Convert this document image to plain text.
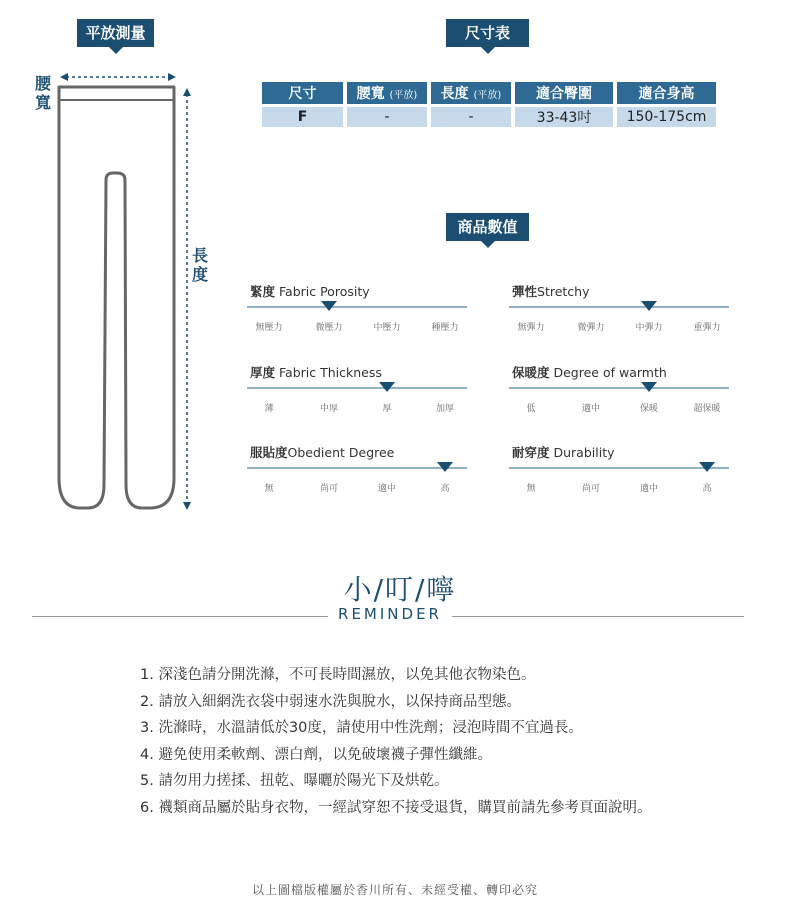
平放測量	尺寸表
商品數值
腰寬
長度
尺寸	腰寬 (平放)	長度 (平放)	適合臀圍	適合身高
F	-	-	33-43吋	150-175cm
緊度 Fabric Porosity
無壓力	微壓力	中壓力	種壓力
彈性Stretchy
無彈力	微彈力	中彈力	重彈力
厚度 Fabric Thickness
薄	中厚	厚	加厚
保暖度 Degree of warmth
低	適中	保暖	超保暖
服貼度Obedient Degree
無	尚可	適中	高
耐穿度 Durability
無	尚可	適中	高
小/叮/嚀
REMINDER
1. 深淺色請分開洗滌，不可長時間濕放，以免其他衣物染色。
2. 請放入細網洗衣袋中弱速水洗與脫水，以保持商品型態。
3. 洗滌時，水溫請低於30度，請使用中性洗劑；浸泡時間不宜過長。
4. 避免使用柔軟劑、漂白劑，以免破壞襪子彈性纖維。
5. 請勿用力搓揉、扭乾、曝曬於陽光下及烘乾。
6. 襪類商品屬於貼身衣物，一經試穿恕不接受退貨，購買前請先參考頁面說明。
以上圖檔版權屬於香川所有、未經受權、轉印必究
